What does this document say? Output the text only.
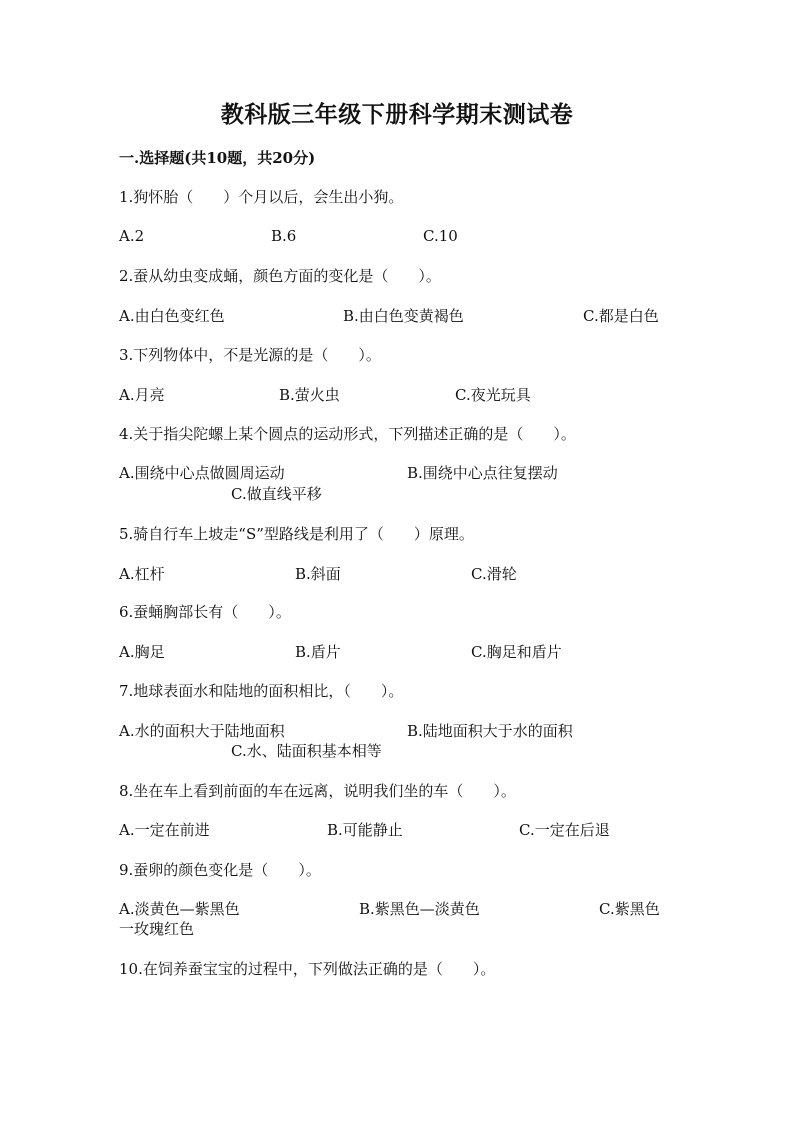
教科版三年级下册科学期末测试卷
一.选择题(共10题，共20分)
1.狗怀胎（　　）个月以后，会生出小狗。
A.2	B.6	C.10
2.蚕从幼虫变成蛹，颜色方面的变化是（　　）。
A.由白色变红色	B.由白色变黄褐色	C.都是白色
3.下列物体中，不是光源的是（　　）。
A.月亮	B.萤火虫	C.夜光玩具
4.关于指尖陀螺上某个圆点的运动形式，下列描述正确的是（　　）。
A.围绕中心点做圆周运动	B.围绕中心点往复摆动
C.做直线平移
5.骑自行车上坡走“S”型路线是利用了（　　）原理。
A.杠杆	B.斜面	C.滑轮
6.蚕蛹胸部长有（　　）。
A.胸足	B.盾片	C.胸足和盾片
7.地球表面水和陆地的面积相比，（　　）。
A.水的面积大于陆地面积	B.陆地面积大于水的面积
C.水、陆面积基本相等
8.坐在车上看到前面的车在远离，说明我们坐的车（　　）。
A.一定在前进	B.可能静止	C.一定在后退
9.蚕卵的颜色变化是（　　）。
A.淡黄色—紫黑色	B.紫黑色—淡黄色	C.紫黑色
一玫瑰红色
10.在饲养蚕宝宝的过程中，下列做法正确的是（　　）。
